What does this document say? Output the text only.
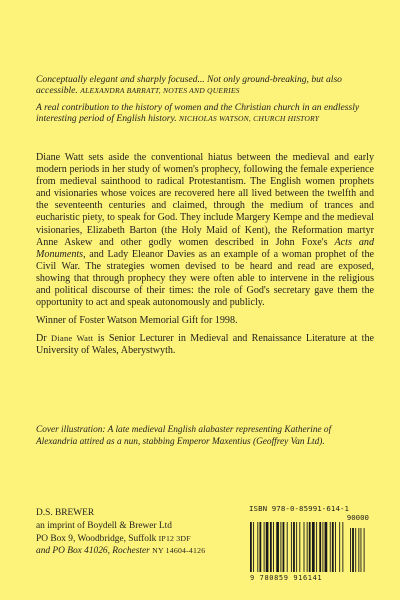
Conceptually elegant and sharply focused... Not only ground-breaking, but also accessible. ALEXANDRA BARRATT, NOTES AND QUERIES

A real contribution to the history of women and the Christian church in an endlessly interesting period of English history. NICHOLAS WATSON, CHURCH HISTORY

Diane Watt sets aside the conventional hiatus between the medieval and early modern periods in her study of women's prophecy, following the female experience from medieval sainthood to radical Protestantism. The English women prophets and visionaries whose voices are recovered here all lived between the twelfth and the seventeenth centuries and claimed, through the medium of trances and eucharistic piety, to speak for God. They include Margery Kempe and the medieval visionaries, Elizabeth Barton (the Holy Maid of Kent), the Reformation martyr Anne Askew and other godly women described in John Foxe's Acts and Monuments, and Lady Eleanor Davies as an example of a woman prophet of the Civil War. The strategies women devised to be heard and read are exposed, showing that through prophecy they were often able to intervene in the religious and political discourse of their times: the role of God's secretary gave them the opportunity to act and speak autonomously and publicly.

Winner of Foster Watson Memorial Gift for 1998.

Dr Diane Watt is Senior Lecturer in Medieval and Renaissance Literature at the University of Wales, Aberystwyth.

Cover illustration: A late medieval English alabaster representing Katherine of Alexandria attired as a nun, stabbing Emperor Maxentius (Geoffrey Van Ltd).

D.S. BREWER
an imprint of Boydell & Brewer Ltd
PO Box 9, Woodbridge, Suffolk IP12 3DF
and PO Box 41026, Rochester NY 14604-4126
ISBN 978-0-85991-614-1
90000
9 780859 916141
